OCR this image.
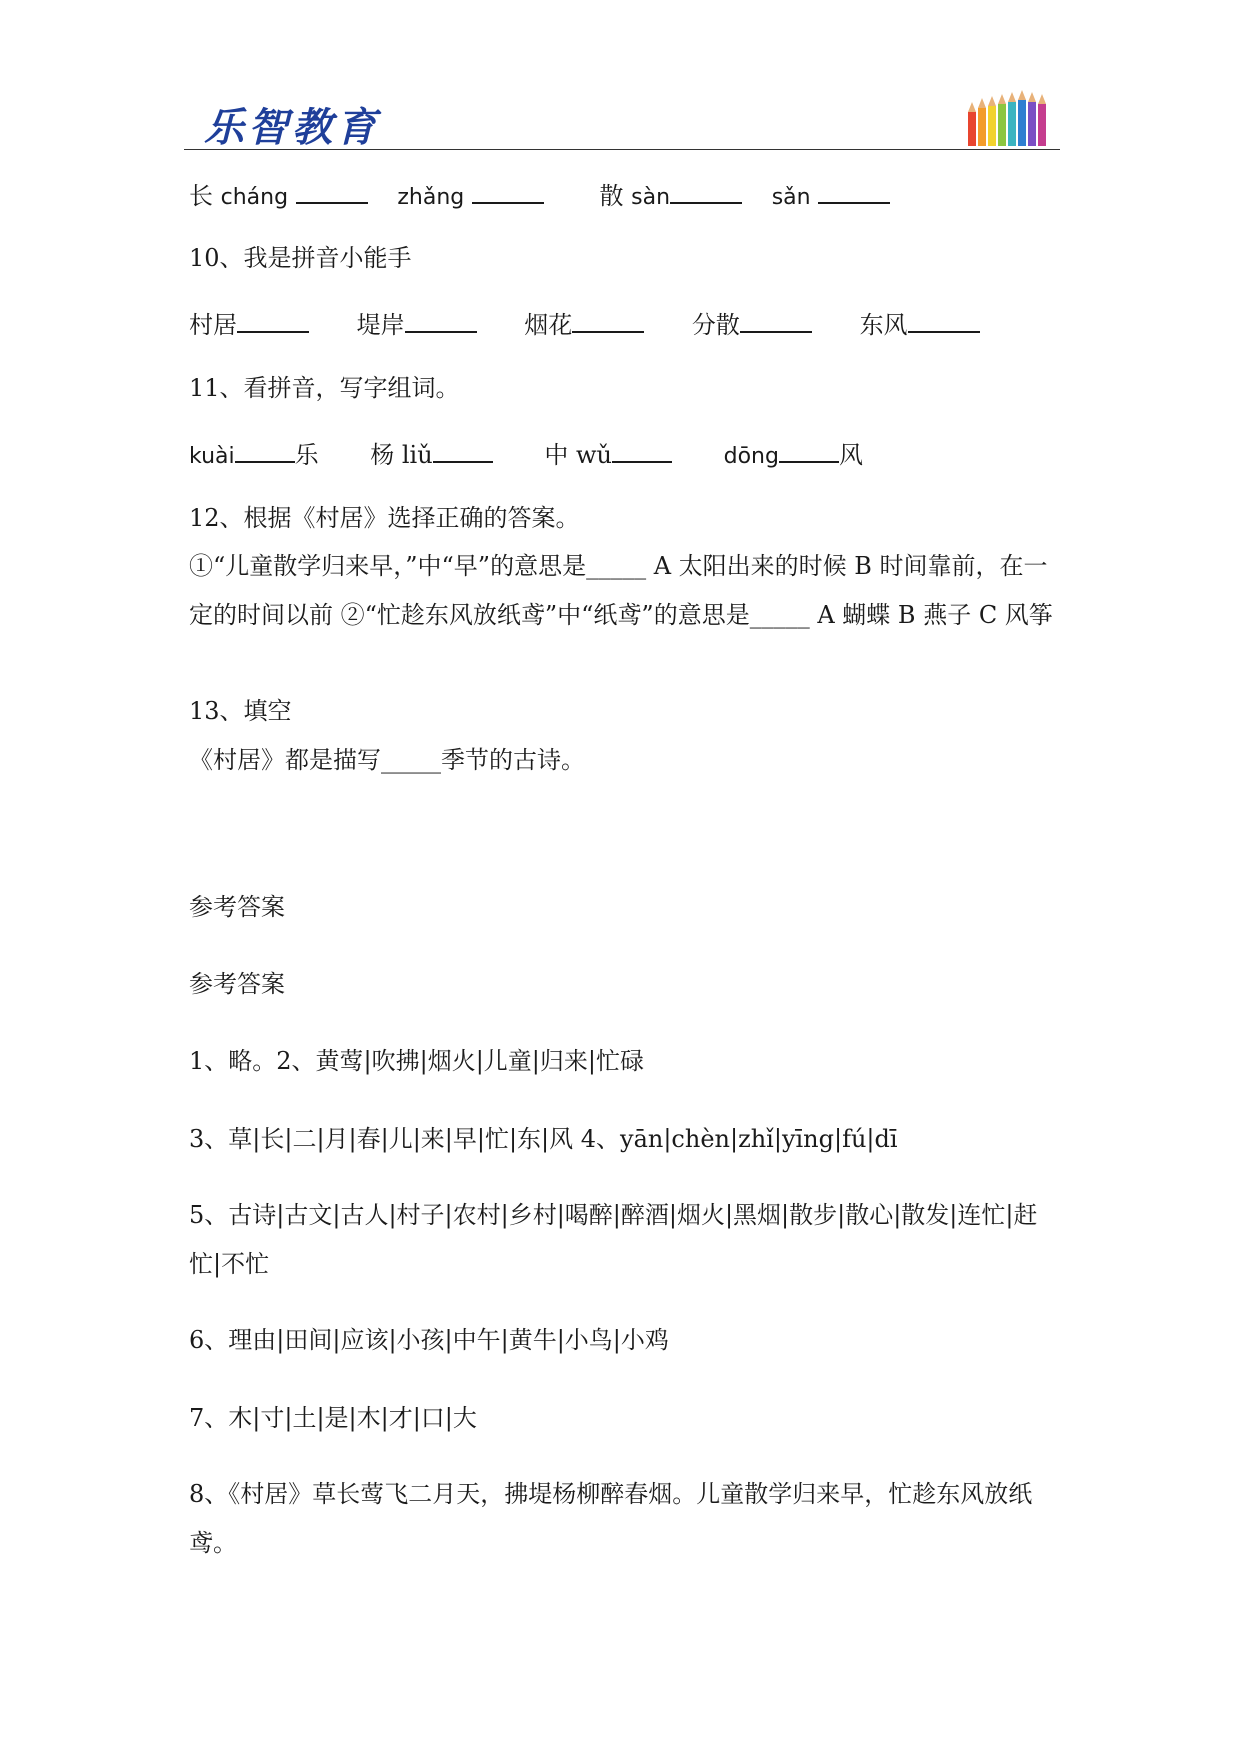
乐智教育
长 cháng	zhǎng	散 sàn	sǎn
10、我是拼音小能手
村居	堤岸	烟花	分散	东风
11、看拼音，写字组词。
kuài	乐 杨 liǔ	中 wǔ	dōng	风
12、根据《村居》选择正确的答案。
①“儿童散学归来早，”中“早”的意思是_____ A 太阳出来的时候 B 时间靠前，在一定的时间以前 ②“忙趁东风放纸鸢”中“纸鸢”的意思是_____ A 蝴蝶 B 燕子 C 风筝
13、填空
《村居》都是描写_____季节的古诗。
参考答案
参考答案
1、略。2、黄莺|吹拂|烟火|儿童|归来|忙碌
3、草|长|二|月|春|儿|来|早|忙|东|风 4、yān|chèn|zhǐ|yīng|fú|dī
5、古诗|古文|古人|村子|农村|乡村|喝醉|醉酒|烟火|黑烟|散步|散心|散发|连忙|赶忙|不忙
6、理由|田间|应该|小孩|中午|黄牛|小鸟|小鸡
7、木|寸|土|是|木|才|口|大
8、《村居》草长莺飞二月天，拂堤杨柳醉春烟。儿童散学归来早，忙趁东风放纸鸢。
